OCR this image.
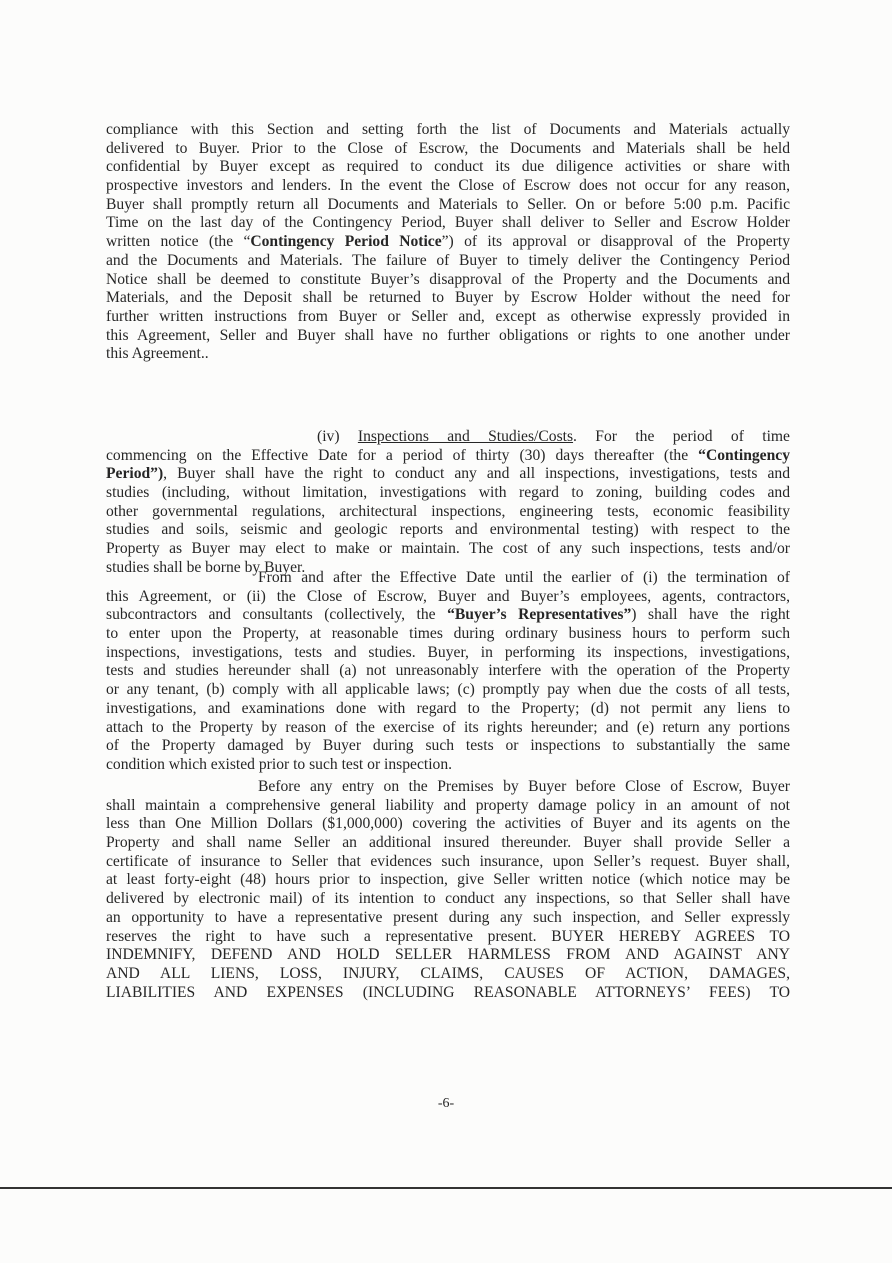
compliance with this Section and setting forth the list of Documents and Materials actually
delivered to Buyer. Prior to the Close of Escrow, the Documents and Materials shall be held
confidential by Buyer except as required to conduct its due diligence activities or share with
prospective investors and lenders. In the event the Close of Escrow does not occur for any reason,
Buyer shall promptly return all Documents and Materials to Seller. On or before 5:00 p.m. Pacific
Time on the last day of the Contingency Period, Buyer shall deliver to Seller and Escrow Holder
written notice (the “Contingency Period Notice”) of its approval or disapproval of the Property
and the Documents and Materials. The failure of Buyer to timely deliver the Contingency Period
Notice shall be deemed to constitute Buyer’s disapproval of the Property and the Documents and
Materials, and the Deposit shall be returned to Buyer by Escrow Holder without the need for
further written instructions from Buyer or Seller and, except as otherwise expressly provided in
this Agreement, Seller and Buyer shall have no further obligations or rights to one another under
this Agreement..
(iv) Inspections and Studies/Costs. For the period of time
commencing on the Effective Date for a period of thirty (30) days thereafter (the “Contingency
Period”), Buyer shall have the right to conduct any and all inspections, investigations, tests and
studies (including, without limitation, investigations with regard to zoning, building codes and
other governmental regulations, architectural inspections, engineering tests, economic feasibility
studies and soils, seismic and geologic reports and environmental testing) with respect to the
Property as Buyer may elect to make or maintain. The cost of any such inspections, tests and/or
studies shall be borne by Buyer.
From and after the Effective Date until the earlier of (i) the termination of
this Agreement, or (ii) the Close of Escrow, Buyer and Buyer’s employees, agents, contractors,
subcontractors and consultants (collectively, the “Buyer’s Representatives”) shall have the right
to enter upon the Property, at reasonable times during ordinary business hours to perform such
inspections, investigations, tests and studies. Buyer, in performing its inspections, investigations,
tests and studies hereunder shall (a) not unreasonably interfere with the operation of the Property
or any tenant, (b) comply with all applicable laws; (c) promptly pay when due the costs of all tests,
investigations, and examinations done with regard to the Property; (d) not permit any liens to
attach to the Property by reason of the exercise of its rights hereunder; and (e) return any portions
of the Property damaged by Buyer during such tests or inspections to substantially the same
condition which existed prior to such test or inspection.
Before any entry on the Premises by Buyer before Close of Escrow, Buyer
shall maintain a comprehensive general liability and property damage policy in an amount of not
less than One Million Dollars ($1,000,000) covering the activities of Buyer and its agents on the
Property and shall name Seller an additional insured thereunder. Buyer shall provide Seller a
certificate of insurance to Seller that evidences such insurance, upon Seller’s request. Buyer shall,
at least forty-eight (48) hours prior to inspection, give Seller written notice (which notice may be
delivered by electronic mail) of its intention to conduct any inspections, so that Seller shall have
an opportunity to have a representative present during any such inspection, and Seller expressly
reserves the right to have such a representative present. BUYER HEREBY AGREES TO
INDEMNIFY, DEFEND AND HOLD SELLER HARMLESS FROM AND AGAINST ANY
AND ALL LIENS, LOSS, INJURY, CLAIMS, CAUSES OF ACTION, DAMAGES,
LIABILITIES AND EXPENSES (INCLUDING REASONABLE ATTORNEYS’ FEES) TO
-6-
